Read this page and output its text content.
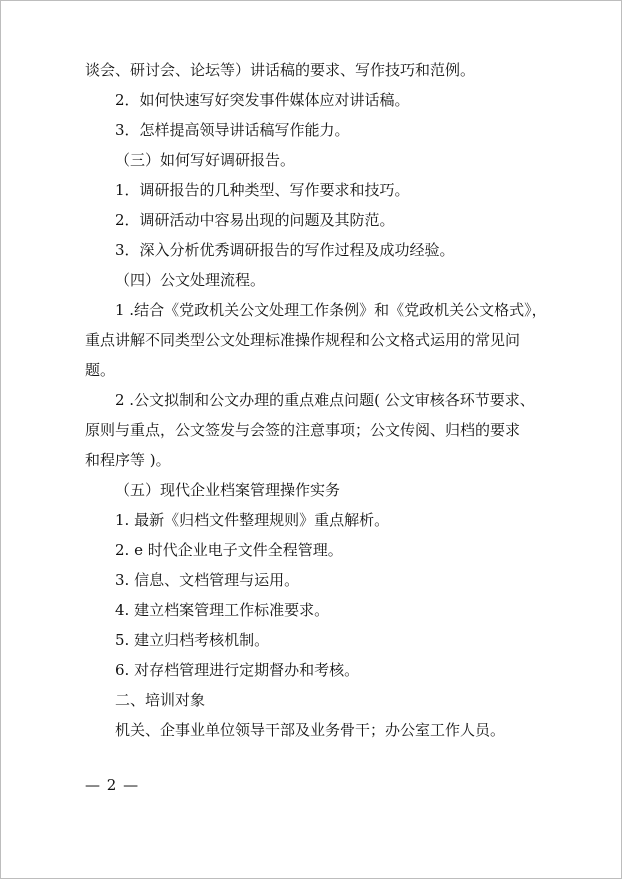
谈会、研讨会、论坛等）讲话稿的要求、写作技巧和范例。

2．如何快速写好突发事件媒体应对讲话稿。

3．怎样提高领导讲话稿写作能力。

（三）如何写好调研报告。

1．调研报告的几种类型、写作要求和技巧。

2．调研活动中容易出现的问题及其防范。

3．深入分析优秀调研报告的写作过程及成功经验。

（四）公文处理流程。

1 .结合《党政机关公文处理工作条例》和《党政机关公文格式》，

重点讲解不同类型公文处理标准操作规程和公文格式运用的常见问

题。

2 .公文拟制和公文办理的重点难点问题( 公文审核各环节要求、

原则与重点，公文签发与会签的注意事项；公文传阅、归档的要求

和程序等 )。

（五）现代企业档案管理操作实务

1. 最新《归档文件整理规则》重点解析。

2. e 时代企业电子文件全程管理。

3. 信息、文档管理与运用。

4. 建立档案管理工作标准要求。

5. 建立归档考核机制。

6. 对存档管理进行定期督办和考核。

二、培训对象

机关、企事业单位领导干部及业务骨干；办公室工作人员。

— 2 —
